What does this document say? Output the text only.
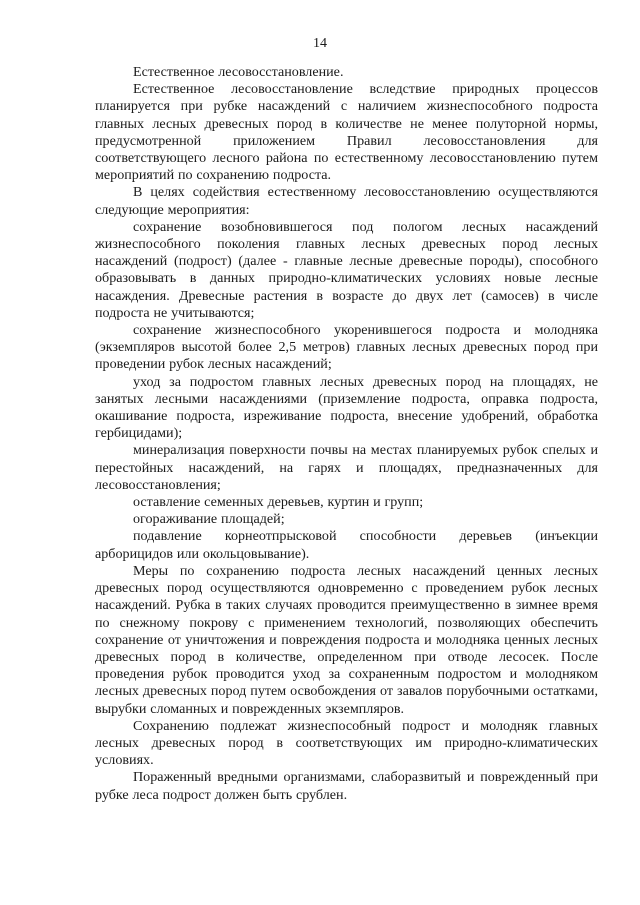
14

Естественное лесовосстановление.

Естественное лесовосстановление вследствие природных процессов планируется при рубке насаждений с наличием жизнеспособного подроста главных лесных древесных пород в количестве не менее полуторной нормы, предусмотренной приложением Правил лесовосстановления для соответствующего лесного района по естественному лесовосстановлению путем мероприятий по сохранению подроста.

В целях содействия естественному лесовосстановлению осуществляются следующие мероприятия:

сохранение возобновившегося под пологом лесных насаждений жизнеспособного поколения главных лесных древесных пород лесных насаждений (подрост) (далее - главные лесные древесные породы), способного образовывать в данных природно-климатических условиях новые лесные насаждения. Древесные растения в возрасте до двух лет (самосев) в числе подроста не учитываются;

сохранение жизнеспособного укоренившегося подроста и молодняка (экземпляров высотой более 2,5 метров) главных лесных древесных пород при проведении рубок лесных насаждений;

уход за подростом главных лесных древесных пород на площадях, не занятых лесными насаждениями (приземление подроста, оправка подроста, окашивание подроста, изреживание подроста, внесение удобрений, обработка гербицидами);

минерализация поверхности почвы на местах планируемых рубок спелых и перестойных насаждений, на гарях и площадях, предназначенных для лесовосстановления;

оставление семенных деревьев, куртин и групп;

огораживание площадей;

подавление корнеотпрысковой способности деревьев (инъекции арборицидов или окольцовывание).

Меры по сохранению подроста лесных насаждений ценных лесных древесных пород осуществляются одновременно с проведением рубок лесных насаждений. Рубка в таких случаях проводится преимущественно в зимнее время по снежному покрову с применением технологий, позволяющих обеспечить сохранение от уничтожения и повреждения подроста и молодняка ценных лесных древесных пород в количестве, определенном при отводе лесосек. После проведения рубок проводится уход за сохраненным подростом и молодняком лесных древесных пород путем освобождения от завалов порубочными остатками, вырубки сломанных и поврежденных экземпляров.

Сохранению подлежат жизнеспособный подрост и молодняк главных лесных древесных пород в соответствующих им природно-климатических условиях.

Пораженный вредными организмами, слаборазвитый и поврежденный при рубке леса подрост должен быть срублен.
